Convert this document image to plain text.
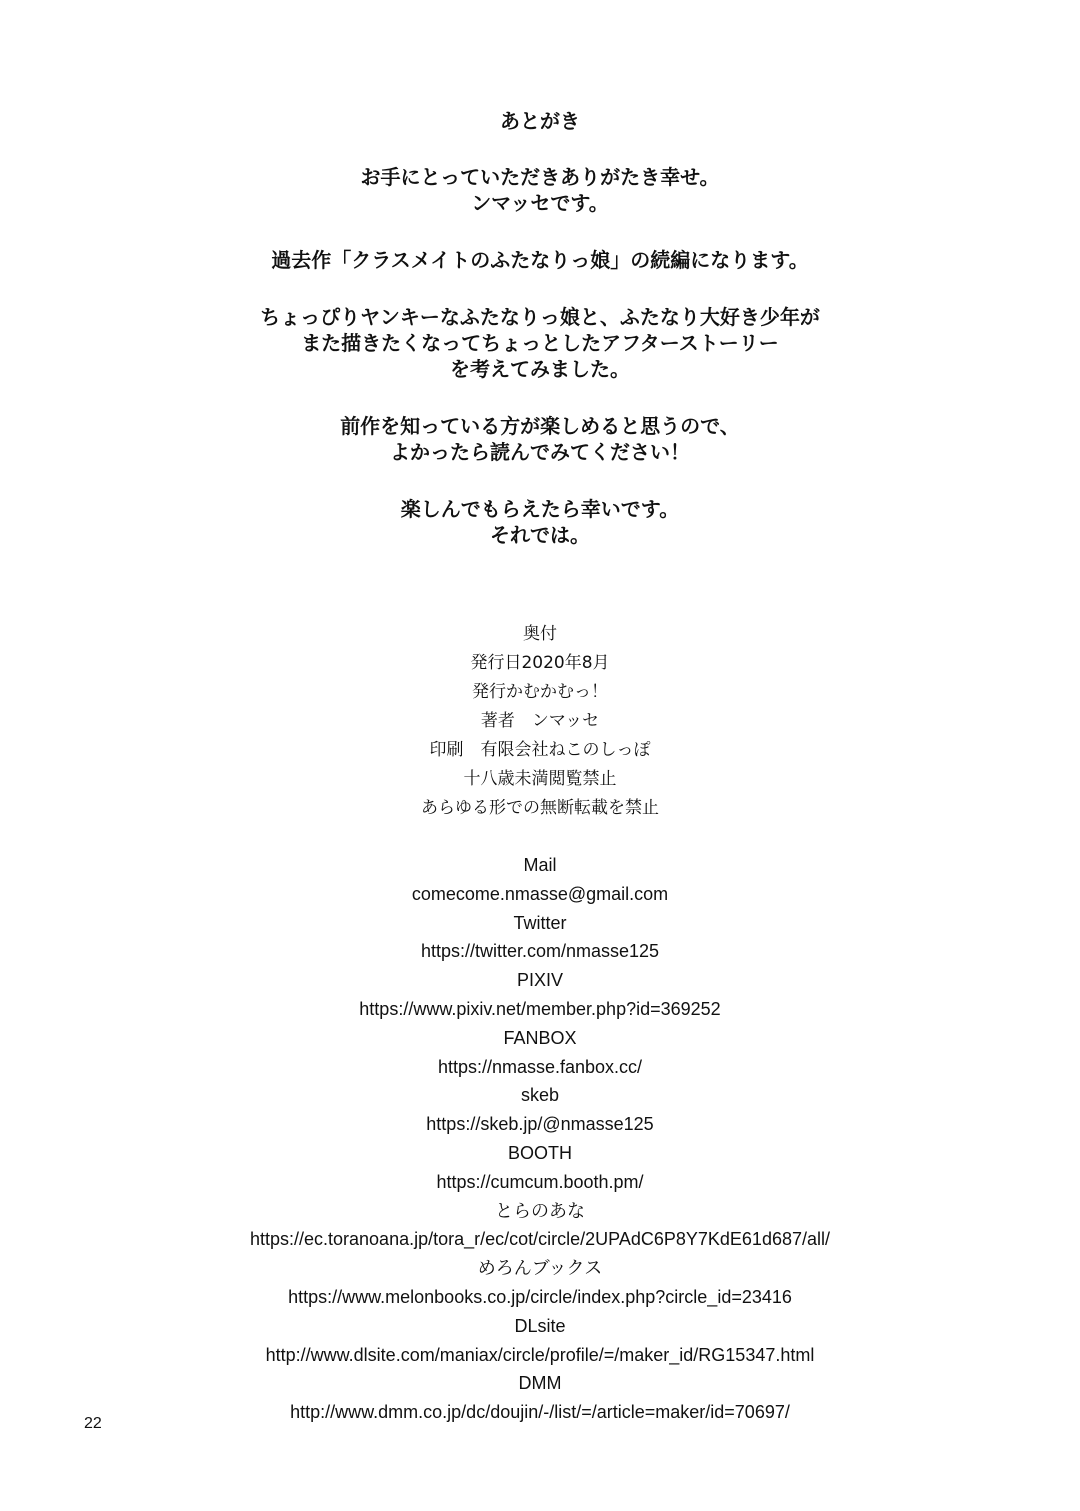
あとがき
お手にとっていただきありがたき幸せ。
ンマッセです。
過去作「クラスメイトのふたなりっ娘」の続編になります。
ちょっぴりヤンキーなふたなりっ娘と、ふたなり大好き少年が
また描きたくなってちょっとしたアフターストーリー
を考えてみました。
前作を知っている方が楽しめると思うので、
よかったら読んでみてください！
楽しんでもらえたら幸いです。
それでは。
奥付
発行日2020年8月
発行かむかむっ！
著者　ンマッセ
印刷　有限会社ねこのしっぽ
十八歳未満閲覧禁止
あらゆる形での無断転載を禁止
Mail
comecome.nmasse@gmail.com
Twitter
https://twitter.com/nmasse125
PIXIV
https://www.pixiv.net/member.php?id=369252
FANBOX
https://nmasse.fanbox.cc/
skeb
https://skeb.jp/@nmasse125
BOOTH
https://cumcum.booth.pm/
とらのあな
https://ec.toranoana.jp/tora_r/ec/cot/circle/2UPAdC6P8Y7KdE61d687/all/
めろんブックス
https://www.melonbooks.co.jp/circle/index.php?circle_id=23416
DLsite
http://www.dlsite.com/maniax/circle/profile/=/maker_id/RG15347.html
DMM
http://www.dmm.co.jp/dc/doujin/-/list/=/article=maker/id=70697/
22
